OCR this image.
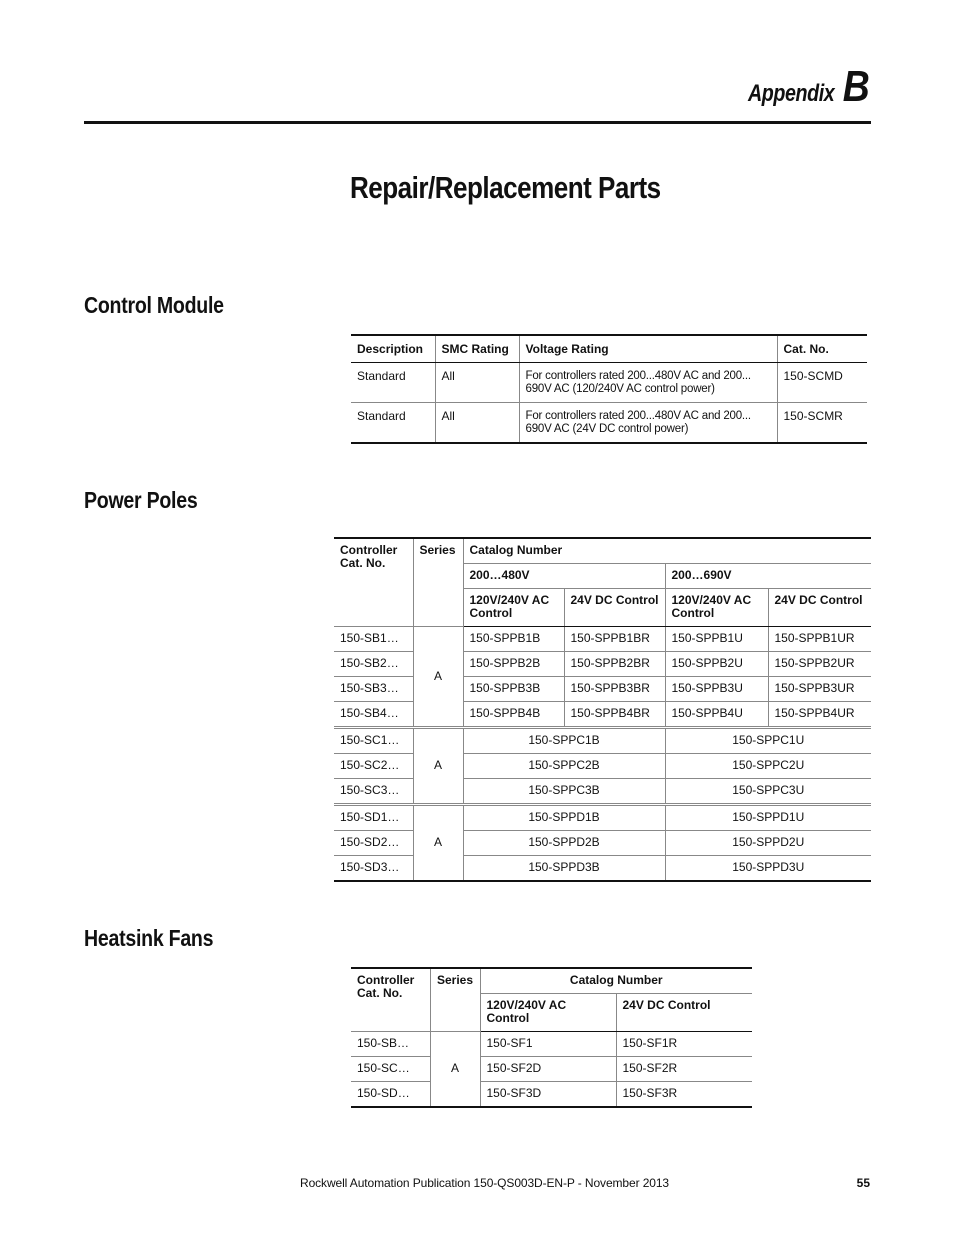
Appendix B
Repair/Replacement Parts
Control Module
Description	SMC Rating	Voltage Rating	Cat. No.
Standard	All	For controllers rated 200...480V AC and 200... 690V AC (120/240V AC control power)	150-SCMD
Standard	All	For controllers rated 200...480V AC and 200... 690V AC (24V DC control power)	150-SCMR
Power Poles
Controller Cat. No.	Series	Catalog Number			
		200…480V		200…690V	
		120V/240V AC Control	24V DC Control	120V/240V AC Control	24V DC Control
150-SB1…	A	150-SPPB1B	150-SPPB1BR	150-SPPB1U	150-SPPB1UR
150-SB2…		150-SPPB2B	150-SPPB2BR	150-SPPB2U	150-SPPB2UR
150-SB3…		150-SPPB3B	150-SPPB3BR	150-SPPB3U	150-SPPB3UR
150-SB4…		150-SPPB4B	150-SPPB4BR	150-SPPB4U	150-SPPB4UR
150-SC1…	A	150-SPPC1B		150-SPPC1U	
150-SC2…		150-SPPC2B		150-SPPC2U	
150-SC3…		150-SPPC3B		150-SPPC3U	
150-SD1…	A	150-SPPD1B		150-SPPD1U	
150-SD2…		150-SPPD2B		150-SPPD2U	
150-SD3…		150-SPPD3B		150-SPPD3U	
Heatsink Fans
Controller Cat. No.	Series	Catalog Number	
		120V/240V AC Control	24V DC Control
150-SB…	A	150-SF1	150-SF1R
150-SC…		150-SF2D	150-SF2R
150-SD…		150-SF3D	150-SF3R
Rockwell Automation Publication 150-QS003D-EN-P - November 2013	55
